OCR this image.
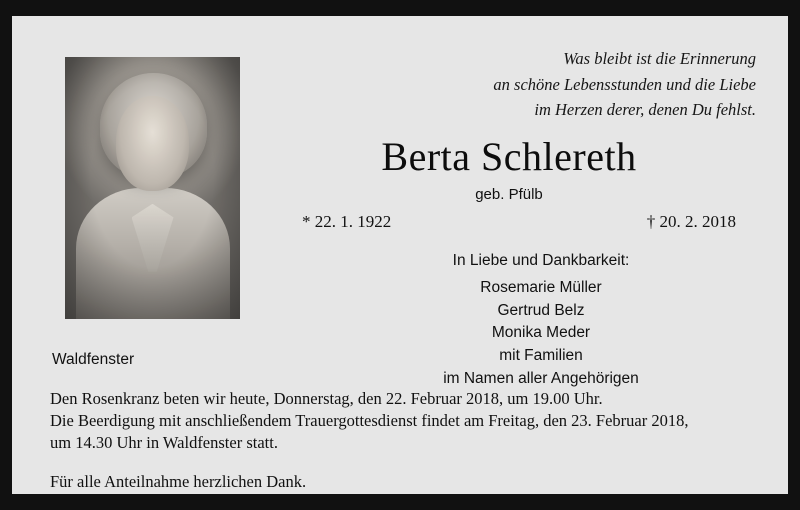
Was bleibt ist die Erinnerung
an schöne Lebensstunden und die Liebe
im Herzen derer, denen Du fehlst.
Berta Schlereth
geb. Pfülb
* 22. 1. 1922	† 20. 2. 2018
In Liebe und Dankbarkeit:
Rosemarie Müller
Gertrud Belz
Monika Meder
mit Familien
im Namen aller Angehörigen
Waldfenster

Den Rosenkranz beten wir heute, Donnerstag, den 22. Februar 2018, um 19.00 Uhr.

Die Beerdigung mit anschließendem Trauergottesdienst findet am Freitag, den 23. Februar 2018,

um 14.30 Uhr in Waldfenster statt.

Für alle Anteilnahme herzlichen Dank.
